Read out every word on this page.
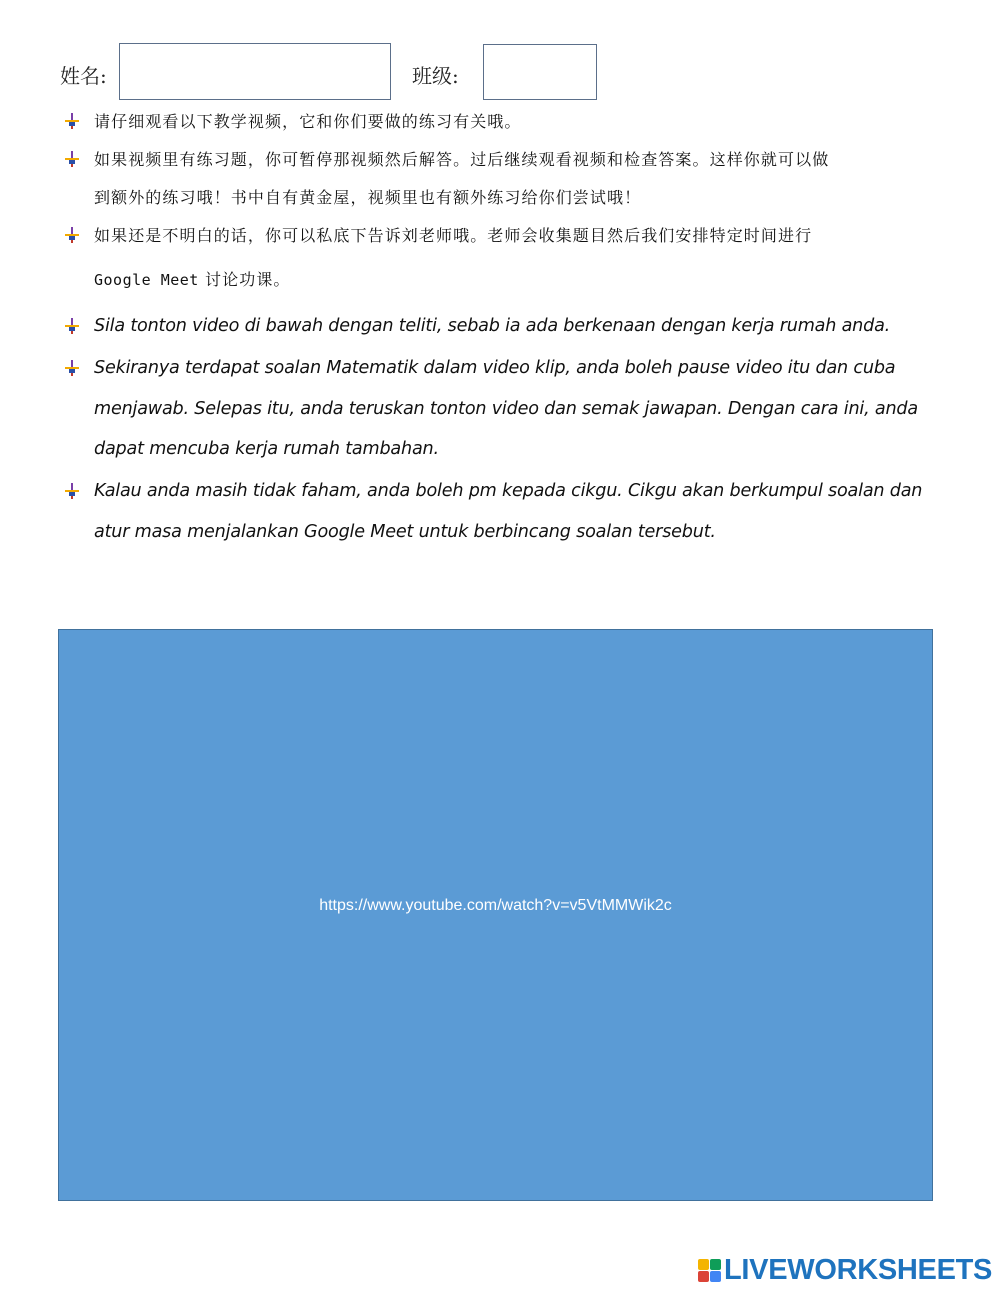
姓名:	班级:
请仔细观看以下教学视频，它和你们要做的练习有关哦。
如果视频里有练习题，你可暂停那视频然后解答。过后继续观看视频和检查答案。这样你就可以做
到额外的练习哦！书中自有黄金屋，视频里也有额外练习给你们尝试哦！
如果还是不明白的话，你可以私底下告诉刘老师哦。老师会收集题目然后我们安排特定时间进行
Google Meet 讨论功课。
Sila tonton video di bawah dengan teliti, sebab ia ada berkenaan dengan kerja rumah anda.
Sekiranya terdapat soalan Matematik dalam video klip, anda boleh pause video itu dan cuba
menjawab. Selepas itu, anda teruskan tonton video dan semak jawapan. Dengan cara ini, anda
dapat mencuba kerja rumah tambahan.
Kalau anda masih tidak faham, anda boleh pm kepada cikgu. Cikgu akan berkumpul soalan dan
atur masa menjalankan Google Meet untuk berbincang soalan tersebut.
https://www.youtube.com/watch?v=v5VtMMWik2c
LIVEWORKSHEETS
